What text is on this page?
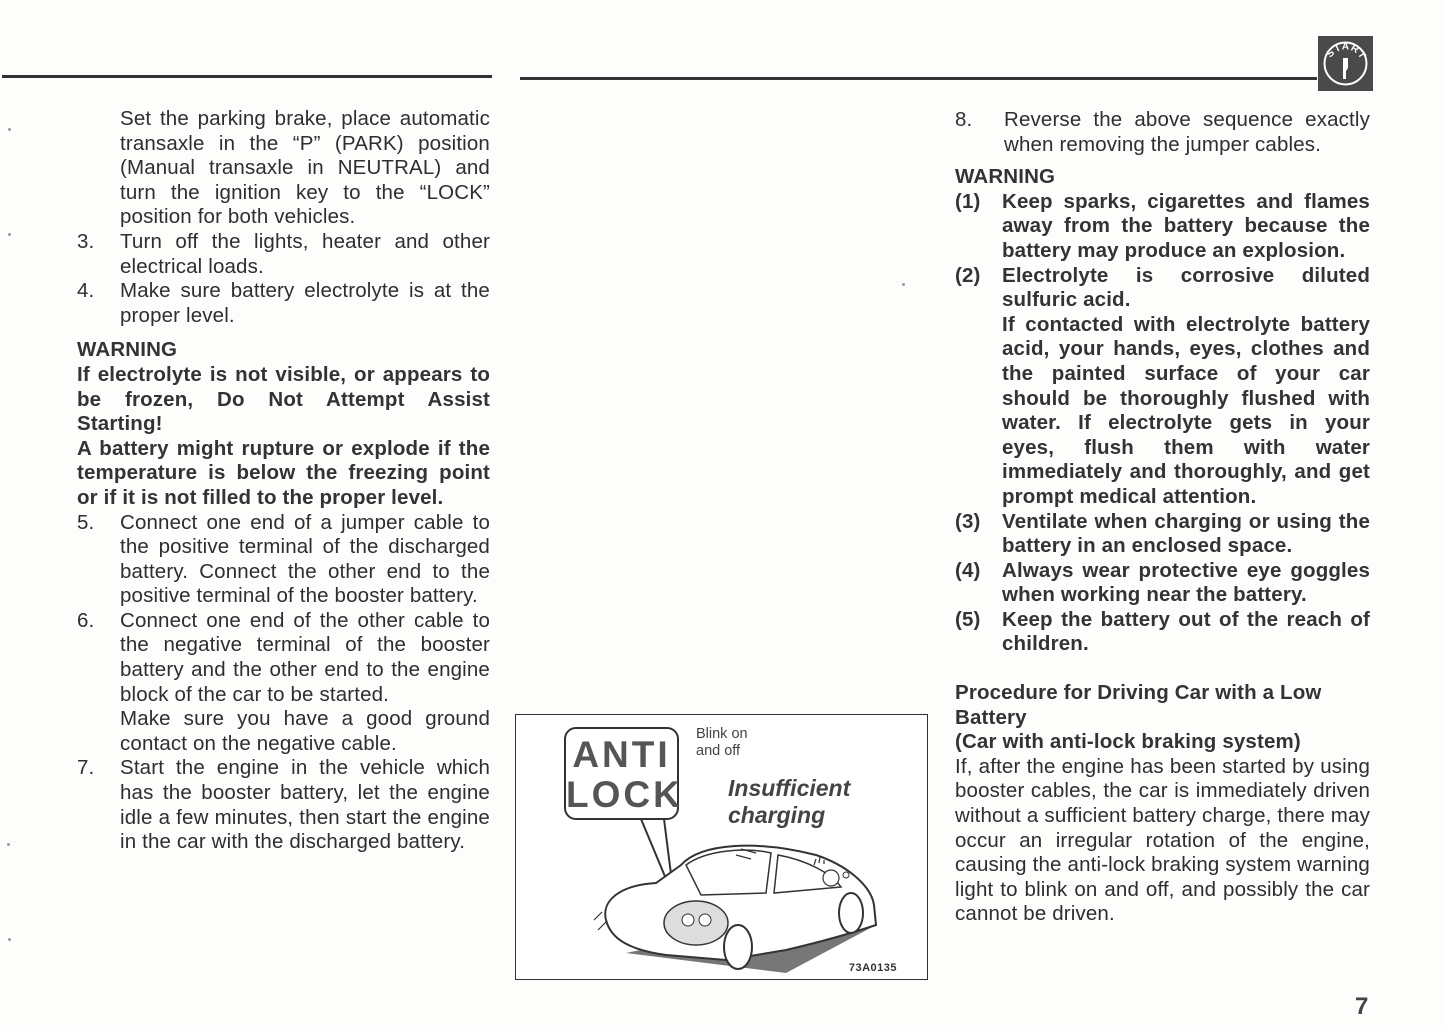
START
Set the parking brake, place automatic transaxle in the “P” (PARK) position (Manual transaxle in NEUTRAL) and turn the ignition key to the “LOCK” position for both vehicles.
3.	Turn off the lights, heater and other electrical loads.
4.	Make sure battery electrolyte is at the proper level.
WARNING
If electrolyte is not visible, or appears to be frozen, Do Not Attempt Assist Starting!
A battery might rupture or explode if the temperature is below the freezing point or if it is not filled to the proper level.
5.	Connect one end of a jumper cable to the positive terminal of the discharged battery. Connect the other end to the positive terminal of the booster battery.
6.	Connect one end of the other cable to the negative terminal of the booster battery and the other end to the engine block of the car to be started.
Make sure you have a good ground contact on the negative cable.
7.	Start the engine in the vehicle which has the booster battery, let the engine idle a few minutes, then start the engine in the car with the discharged battery.
ANTI
LOCK
Blink on
and off
Insufficient
charging
73A0135
8.	Reverse the above sequence exactly when removing the jumper cables.
WARNING
(1)	Keep sparks, cigarettes and flames away from the battery because the battery may produce an explosion.
(2)	Electrolyte is corrosive diluted sulfuric acid.
If contacted with electrolyte battery acid, your hands, eyes, clothes and the painted surface of your car should be thoroughly flushed with water. If electrolyte gets in your eyes, flush them with water immediately and thoroughly, and get prompt medical attention.
(3)	Ventilate when charging or using the battery in an enclosed space.
(4)	Always wear protective eye goggles when working near the battery.
(5)	Keep the battery out of the reach of children.
Procedure for Driving Car with a Low Battery
(Car with anti-lock braking system)
If, after the engine has been started by using booster cables, the car is immediately driven without a sufficient battery charge, there may occur an irregular rotation of the engine, causing the anti-lock braking system warning light to blink on and off, and possibly the car cannot be driven.
7
